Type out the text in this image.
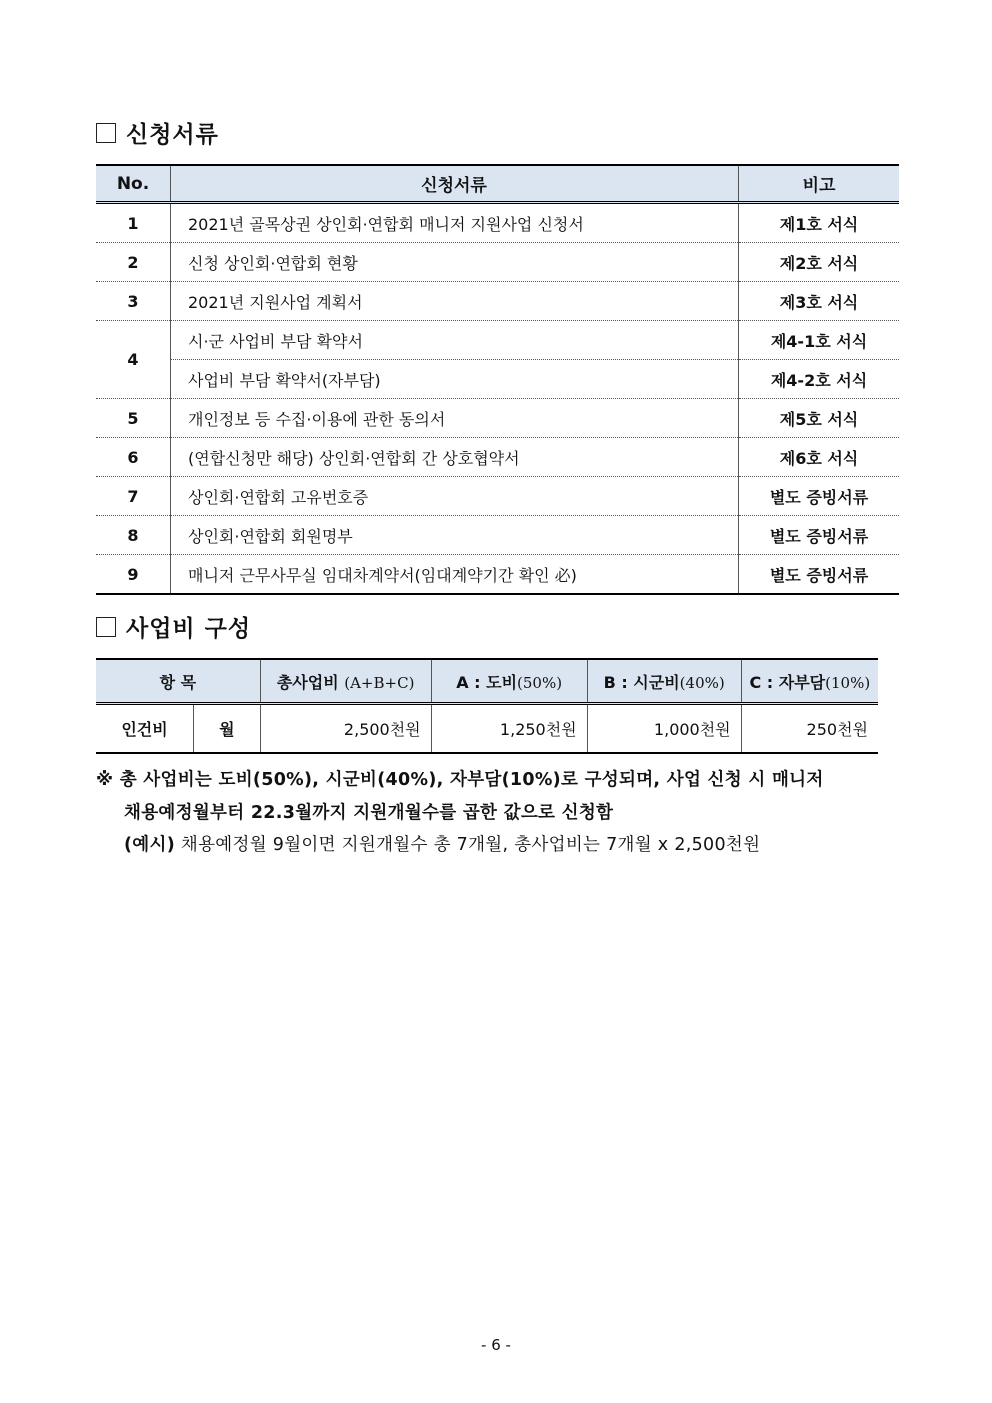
신청서류
No.	신청서류	비고
1	2021년 골목상권 상인회·연합회 매니저 지원사업 신청서	제1호 서식
2	신청 상인회·연합회 현황	제2호 서식
3	2021년 지원사업 계획서	제3호 서식
4	시·군 사업비 부담 확약서	제4-1호 서식
	사업비 부담 확약서(자부담)	제4-2호 서식
5	개인정보 등 수집·이용에 관한 동의서	제5호 서식
6	(연합신청만 해당) 상인회·연합회 간 상호협약서	제6호 서식
7	상인회·연합회 고유번호증	별도 증빙서류
8	상인회·연합회 회원명부	별도 증빙서류
9	매니저 근무사무실 임대차계약서(임대계약기간 확인 必)	별도 증빙서류
사업비 구성
항 목		총사업비 (A+B+C)	A : 도비(50%)	B : 시군비(40%)	C : 자부담(10%)
인건비	월	2,500천원	1,250천원	1,000천원	250천원
※ 총 사업비는 도비(50%), 시군비(40%), 자부담(10%)로 구성되며, 사업 신청 시 매니저
채용예정월부터 22.3월까지 지원개월수를 곱한 값으로 신청함
(예시) 채용예정월 9월이면 지원개월수 총 7개월, 총사업비는 7개월 x 2,500천원
- 6 -
